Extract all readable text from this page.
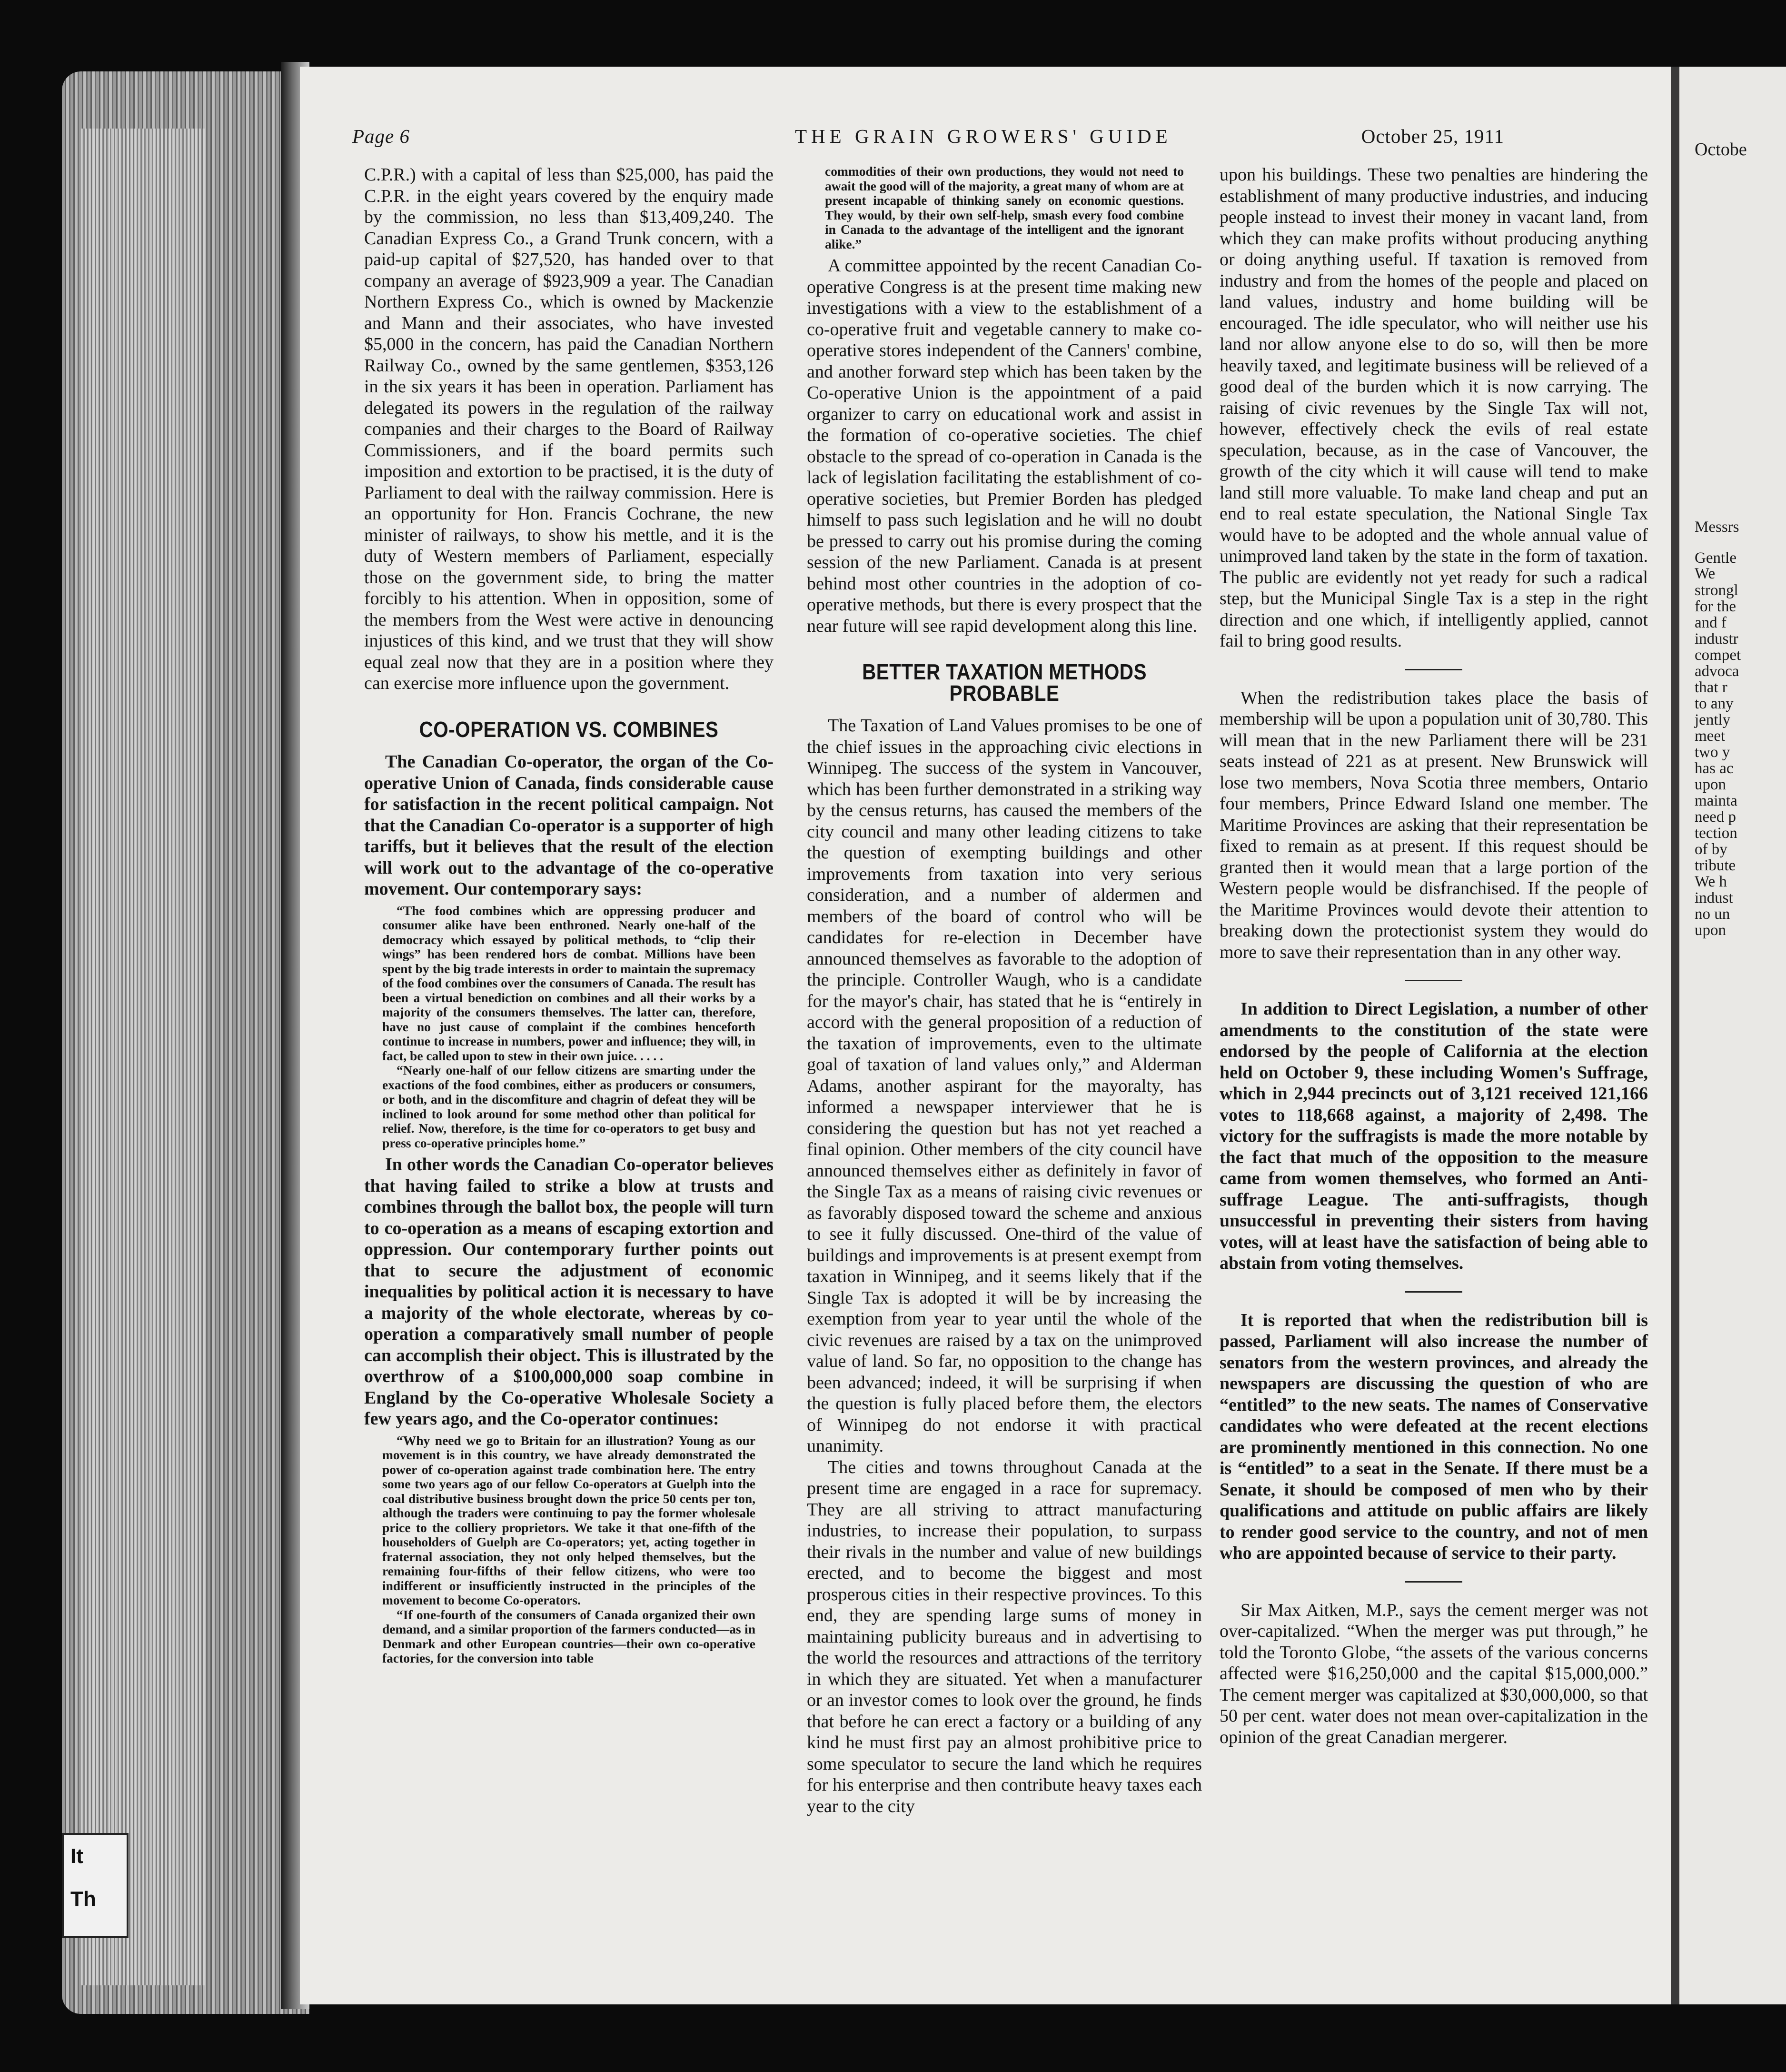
It
Th
Octobe
Messrs
Gentle
We
strongl
for the
and f
industr
compet
advoca
that r
to any
jently
meet
two y
has ac
upon
mainta
need p
tection
of by
tribute
We h
indust
no un
upon
Page 6	THE GRAIN GROWERS' GUIDE	October 25, 1911

C.P.R.) with a capital of less than $25,000, has paid the C.P.R. in the eight years covered by the enquiry made by the commission, no less than $13,409,240. The Canadian Express Co., a Grand Trunk concern, with a paid-up capital of $27,520, has handed over to that company an average of $923,909 a year. The Canadian Northern Express Co., which is owned by Mackenzie and Mann and their associates, who have invested $5,000 in the concern, has paid the Canadian Northern Railway Co., owned by the same gentlemen, $353,126 in the six years it has been in operation. Parliament has delegated its powers in the regulation of the railway companies and their charges to the Board of Railway Commissioners, and if the board permits such imposition and extortion to be practised, it is the duty of Parliament to deal with the railway commission. Here is an opportunity for Hon. Francis Cochrane, the new minister of railways, to show his mettle, and it is the duty of Western members of Parliament, especially those on the government side, to bring the matter forcibly to his attention. When in opposition, some of the members from the West were active in denouncing injustices of this kind, and we trust that they will show equal zeal now that they are in a position where they can exercise more influence upon the government.

CO-OPERATION VS. COMBINES

The Canadian Co-operator, the organ of the Co-operative Union of Canada, finds considerable cause for satisfaction in the recent political campaign. Not that the Canadian Co-operator is a supporter of high tariffs, but it believes that the result of the election will work out to the advantage of the co-operative movement. Our contemporary says:

“The food combines which are oppressing producer and consumer alike have been enthroned. Nearly one-half of the democracy which essayed by political methods, to “clip their wings” has been rendered hors de combat. Millions have been spent by the big trade interests in order to maintain the supremacy of the food combines over the consumers of Canada. The result has been a virtual benediction on combines and all their works by a majority of the consumers themselves. The latter can, therefore, have no just cause of complaint if the combines henceforth continue to increase in numbers, power and influence; they will, in fact, be called upon to stew in their own juice. . . . .

“Nearly one-half of our fellow citizens are smarting under the exactions of the food combines, either as producers or consumers, or both, and in the discomfiture and chagrin of defeat they will be inclined to look around for some method other than political for relief. Now, therefore, is the time for co-operators to get busy and press co-operative principles home.”

In other words the Canadian Co-operator believes that having failed to strike a blow at trusts and combines through the ballot box, the people will turn to co-operation as a means of escaping extortion and oppression. Our contemporary further points out that to secure the adjustment of economic inequalities by political action it is necessary to have a majority of the whole electorate, whereas by co-operation a comparatively small number of people can accomplish their object. This is illustrated by the overthrow of a $100,000,000 soap combine in England by the Co-operative Wholesale Society a few years ago, and the Co-operator continues:

“Why need we go to Britain for an illustration? Young as our movement is in this country, we have already demonstrated the power of co-operation against trade combination here. The entry some two years ago of our fellow Co-operators at Guelph into the coal distributive business brought down the price 50 cents per ton, although the traders were continuing to pay the former wholesale price to the colliery proprietors. We take it that one-fifth of the householders of Guelph are Co-operators; yet, acting together in fraternal association, they not only helped themselves, but the remaining four-fifths of their fellow citizens, who were too indifferent or insufficiently instructed in the principles of the movement to become Co-operators.

“If one-fourth of the consumers of Canada organized their own demand, and a similar proportion of the farmers conducted—as in Denmark and other European countries—their own co-operative factories, for the conversion into table

commodities of their own productions, they would not need to await the good will of the majority, a great many of whom are at present incapable of thinking sanely on economic questions. They would, by their own self-help, smash every food combine in Canada to the advantage of the intelligent and the ignorant alike.”

A committee appointed by the recent Canadian Co-operative Congress is at the present time making new investigations with a view to the establishment of a co-operative fruit and vegetable cannery to make co-operative stores independent of the Canners' combine, and another forward step which has been taken by the Co-operative Union is the appointment of a paid organizer to carry on educational work and assist in the formation of co-operative societies. The chief obstacle to the spread of co-operation in Canada is the lack of legislation facilitating the establishment of co-operative societies, but Premier Borden has pledged himself to pass such legislation and he will no doubt be pressed to carry out his promise during the coming session of the new Parliament. Canada is at present behind most other countries in the adoption of co-operative methods, but there is every prospect that the near future will see rapid development along this line.

BETTER TAXATION METHODS PROBABLE

The Taxation of Land Values promises to be one of the chief issues in the approaching civic elections in Winnipeg. The success of the system in Vancouver, which has been further demonstrated in a striking way by the census returns, has caused the members of the city council and many other leading citizens to take the question of exempting buildings and other improvements from taxation into very serious consideration, and a number of aldermen and members of the board of control who will be candidates for re-election in December have announced themselves as favorable to the adoption of the principle. Controller Waugh, who is a candidate for the mayor's chair, has stated that he is “entirely in accord with the general proposition of a reduction of the taxation of improvements, even to the ultimate goal of taxation of land values only,” and Alderman Adams, another aspirant for the mayoralty, has informed a newspaper interviewer that he is considering the question but has not yet reached a final opinion. Other members of the city council have announced themselves either as definitely in favor of the Single Tax as a means of raising civic revenues or as favorably disposed toward the scheme and anxious to see it fully discussed. One-third of the value of buildings and improvements is at present exempt from taxation in Winnipeg, and it seems likely that if the Single Tax is adopted it will be by increasing the exemption from year to year until the whole of the civic revenues are raised by a tax on the unimproved value of land. So far, no opposition to the change has been advanced; indeed, it will be surprising if when the question is fully placed before them, the electors of Winnipeg do not endorse it with practical unanimity.

The cities and towns throughout Canada at the present time are engaged in a race for supremacy. They are all striving to attract manufacturing industries, to increase their population, to surpass their rivals in the number and value of new buildings erected, and to become the biggest and most prosperous cities in their respective provinces. To this end, they are spending large sums of money in maintaining publicity bureaus and in advertising to the world the resources and attractions of the territory in which they are situated. Yet when a manufacturer or an investor comes to look over the ground, he finds that before he can erect a factory or a building of any kind he must first pay an almost prohibitive price to some speculator to secure the land which he requires for his enterprise and then contribute heavy taxes each year to the city

upon his buildings. These two penalties are hindering the establishment of many productive industries, and inducing people instead to invest their money in vacant land, from which they can make profits without producing anything or doing anything useful. If taxation is removed from industry and from the homes of the people and placed on land values, industry and home building will be encouraged. The idle speculator, who will neither use his land nor allow anyone else to do so, will then be more heavily taxed, and legitimate business will be relieved of a good deal of the burden which it is now carrying. The raising of civic revenues by the Single Tax will not, however, effectively check the evils of real estate speculation, because, as in the case of Vancouver, the growth of the city which it will cause will tend to make land still more valuable. To make land cheap and put an end to real estate speculation, the National Single Tax would have to be adopted and the whole annual value of unimproved land taken by the state in the form of taxation. The public are evidently not yet ready for such a radical step, but the Municipal Single Tax is a step in the right direction and one which, if intelligently applied, cannot fail to bring good results.

When the redistribution takes place the basis of membership will be upon a population unit of 30,780. This will mean that in the new Parliament there will be 231 seats instead of 221 as at present. New Brunswick will lose two members, Nova Scotia three members, Ontario four members, Prince Edward Island one member. The Maritime Provinces are asking that their representation be fixed to remain as at present. If this request should be granted then it would mean that a large portion of the Western people would be disfranchised. If the people of the Maritime Provinces would devote their attention to breaking down the protectionist system they would do more to save their representation than in any other way.

In addition to Direct Legislation, a number of other amendments to the constitution of the state were endorsed by the people of California at the election held on October 9, these including Women's Suffrage, which in 2,944 precincts out of 3,121 received 121,166 votes to 118,668 against, a majority of 2,498. The victory for the suffragists is made the more notable by the fact that much of the opposition to the measure came from women themselves, who formed an Anti-suffrage League. The anti-suffragists, though unsuccessful in preventing their sisters from having votes, will at least have the satisfaction of being able to abstain from voting themselves.

It is reported that when the redistribution bill is passed, Parliament will also increase the number of senators from the western provinces, and already the newspapers are discussing the question of who are “entitled” to the new seats. The names of Conservative candidates who were defeated at the recent elections are prominently mentioned in this connection. No one is “entitled” to a seat in the Senate. If there must be a Senate, it should be composed of men who by their qualifications and attitude on public affairs are likely to render good service to the country, and not of men who are appointed because of service to their party.

Sir Max Aitken, M.P., says the cement merger was not over-capitalized. “When the merger was put through,” he told the Toronto Globe, “the assets of the various concerns affected were $16,250,000 and the capital $15,000,000.” The cement merger was capitalized at $30,000,000, so that 50 per cent. water does not mean over-capitalization in the opinion of the great Canadian mergerer.
